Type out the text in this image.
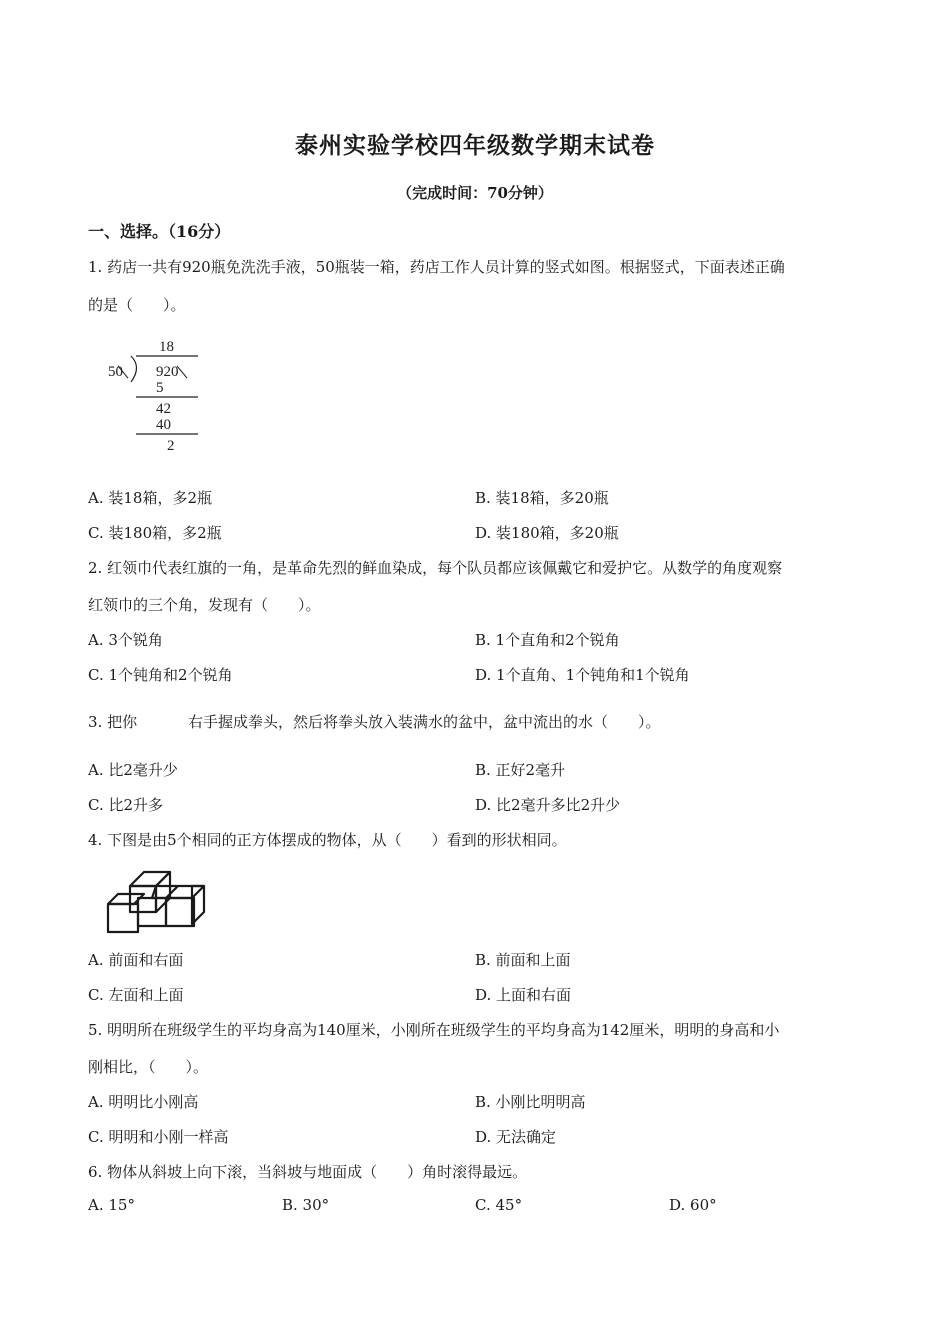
泰州实验学校四年级数学期末试卷
（完成时间：70分钟）
一、选择。（16分）
1. 药店一共有920瓶免洗洗手液，50瓶装一箱，药店工作人员计算的竖式如图。根据竖式，下面表述正确
的是（　　）。
18
50 920
5
42
40
2
A. 装18箱，多2瓶	B. 装18箱，多20瓶
C. 装180箱，多2瓶	D. 装180箱，多20瓶
2. 红领巾代表红旗的一角，是革命先烈的鲜血染成，每个队员都应该佩戴它和爱护它。从数学的角度观察
红领巾的三个角，发现有（　　）。
A. 3个锐角	B. 1个直角和2个锐角
C. 1个钝角和2个锐角	D. 1个直角、1个钝角和1个锐角
3. 把你	右手握成拳头，然后将拳头放入装满水的盆中，盆中流出的水（　　）。
A. 比2毫升少	B. 正好2毫升
C. 比2升多	D. 比2毫升多比2升少
4. 下图是由5个相同的正方体摆成的物体，从（　　）看到的形状相同。
A. 前面和右面	B. 前面和上面
C. 左面和上面	D. 上面和右面
5. 明明所在班级学生的平均身高为140厘米，小刚所在班级学生的平均身高为142厘米，明明的身高和小
刚相比，（　　）。
A. 明明比小刚高	B. 小刚比明明高
C. 明明和小刚一样高	D. 无法确定
6. 物体从斜坡上向下滚，当斜坡与地面成（　　）角时滚得最远。
A. 15°	B. 30°	C. 45°	D. 60°
